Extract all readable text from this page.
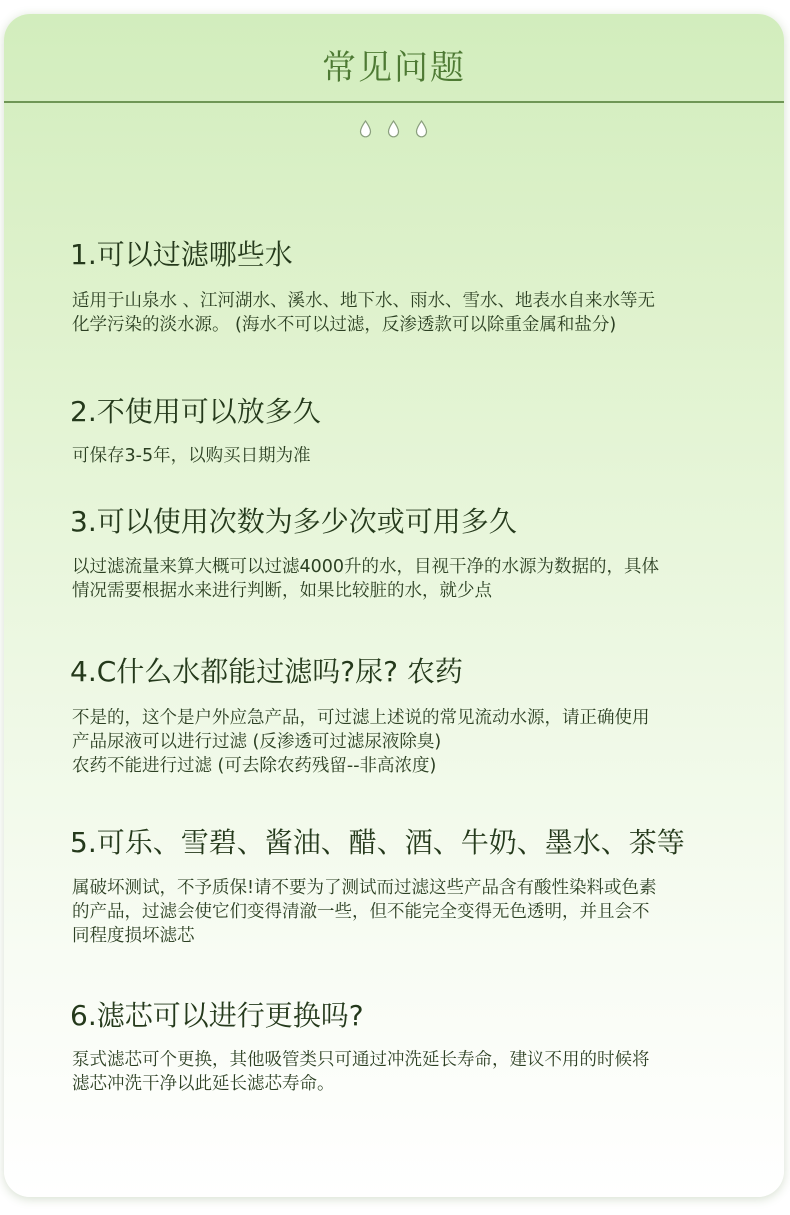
常见问题
1.可以过滤哪些水
适用于山泉水 、江河湖水、溪水、地下水、雨水、雪水、地表水自来水等无
化学污染的淡水源。 (海水不可以过滤，反渗透款可以除重金属和盐分)
2.不使用可以放多久
可保存3-5年，以购买日期为准
3.可以使用次数为多少次或可用多久
以过滤流量来算大概可以过滤4000升的水，目视干净的水源为数据的，具体
情况需要根据水来进行判断，如果比较脏的水，就少点
4.C什么水都能过滤吗?尿? 农药
不是的，这个是户外应急产品，可过滤上述说的常见流动水源，请正确使用
产品尿液可以进行过滤 (反渗透可过滤尿液除臭)
农药不能进行过滤 (可去除农药残留--非高浓度)
5.可乐、雪碧、酱油、醋、酒、牛奶、墨水、茶等
属破坏测试，不予质保!请不要为了测试而过滤这些产品含有酸性染料或色素
的产品，过滤会使它们变得清澈一些，但不能完全变得无色透明，并且会不
同程度损坏滤芯
6.滤芯可以进行更换吗?
泵式滤芯可个更换，其他吸管类只可通过冲洗延长寿命，建议不用的时候将
滤芯冲洗干净以此延长滤芯寿命。
